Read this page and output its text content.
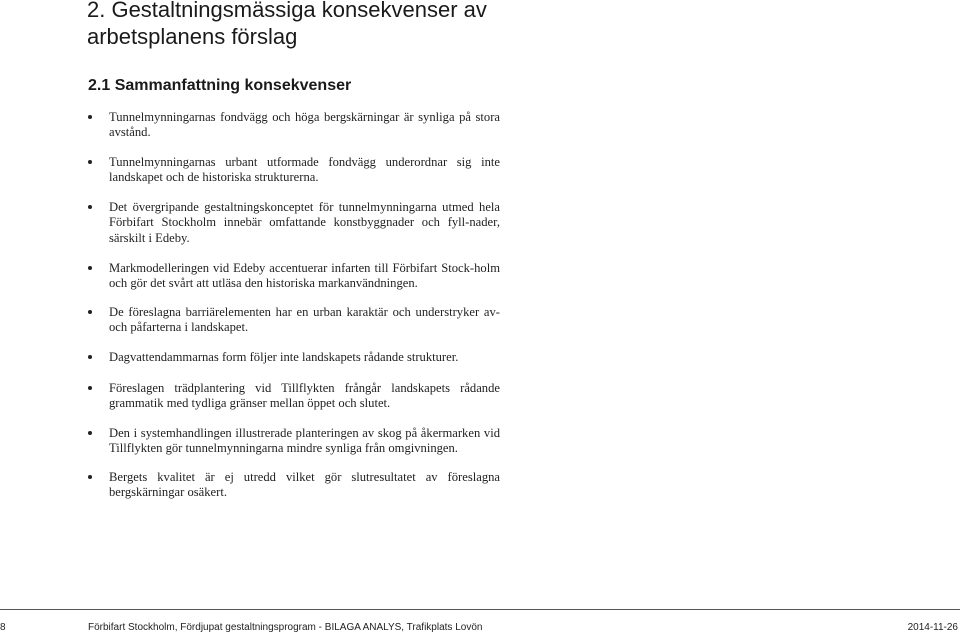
2. Gestaltningsmässiga konsekvenser av arbetsplanens förslag
2.1 Sammanfattning konsekvenser
Tunnelmynningarnas fondvägg och höga bergskärningar är synliga på stora avstånd.
Tunnelmynningarnas urbant utformade fondvägg underordnar sig inte landskapet och de historiska strukturerna.
Det övergripande gestaltningskonceptet för tunnelmynningarna utmed hela Förbifart Stockholm innebär omfattande konstbyggnader och fyll-nader, särskilt i Edeby.
Markmodelleringen vid Edeby accentuerar infarten till Förbifart Stock-holm och gör det svårt att utläsa den historiska markanvändningen.
De föreslagna barriärelementen har en urban karaktär och understryker av- och påfarterna i landskapet.
Dagvattendammarnas form följer inte landskapets rådande strukturer.
Föreslagen trädplantering vid Tillflykten frångår landskapets rådande grammatik med tydliga gränser mellan öppet och slutet.
Den i systemhandlingen illustrerade planteringen av skog på åkermarken vid Tillflykten gör tunnelmynningarna mindre synliga från omgivningen.
Bergets kvalitet är ej utredd vilket gör slutresultatet av föreslagna bergskärningar osäkert.
8	Förbifart Stockholm, Fördjupat gestaltningsprogram - BILAGA ANALYS, Trafikplats Lovön	2014-11-26
